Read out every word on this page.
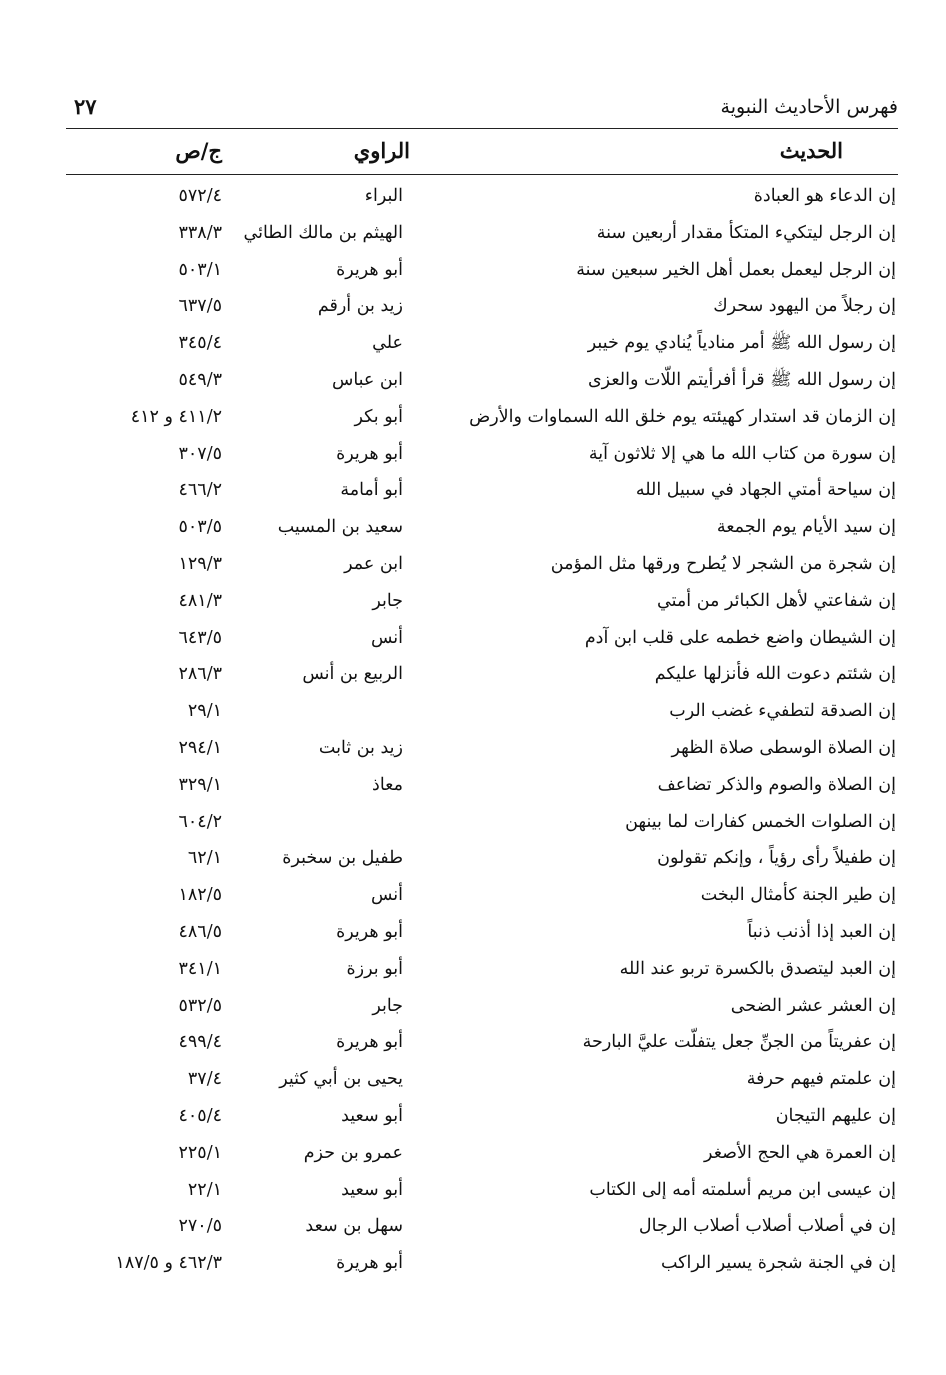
فهرس الأحاديث النبوية
٢٧
الحديث
الراوي
ج/ص
إن الدعاء هو العبادة
البراء
٥٧٢/٤
إن الرجل ليتكيء المتكأ مقدار أربعين سنة
الهيثم بن مالك الطائي
٣٣٨/٣
إن الرجل ليعمل بعمل أهل الخير سبعين سنة
أبو هريرة
٥٠٣/١
إن رجلاً من اليهود سحرك
زيد بن أرقم
٦٣٧/٥
إن رسول الله ﷺ أمر منادياً يُنادي يوم خيبر
علي
٣٤٥/٤
إن رسول الله ﷺ قرأ أفرأيتم اللّات والعزى
ابن عباس
٥٤٩/٣
إن الزمان قد استدار كهيئته يوم خلق الله السماوات والأرض
أبو بكر
٤١١/٢ و ٤١٢
إن سورة من كتاب الله ما هي إلا ثلاثون آية
أبو هريرة
٣٠٧/٥
إن سياحة أمتي الجهاد في سبيل الله
أبو أمامة
٤٦٦/٢
إن سيد الأيام يوم الجمعة
سعيد بن المسيب
٥٠٣/٥
إن شجرة من الشجر لا يُطرح ورقها مثل المؤمن
ابن عمر
١٢٩/٣
إن شفاعتي لأهل الكبائر من أمتي
جابر
٤٨١/٣
إن الشيطان واضع خطمه على قلب ابن آدم
أنس
٦٤٣/٥
إن شئتم دعوت الله فأنزلها عليكم
الربيع بن أنس
٢٨٦/٣
إن الصدقة لتطفيء غضب الرب
٢٩/١
إن الصلاة الوسطى صلاة الظهر
زيد بن ثابت
٢٩٤/١
إن الصلاة والصوم والذكر تضاعف
معاذ
٣٢٩/١
إن الصلوات الخمس كفارات لما بينهن
٦٠٤/٢
إن طفيلاً رأى رؤياً ، وإنكم تقولون
طفيل بن سخبرة
٦٢/١
إن طير الجنة كأمثال البخت
أنس
١٨٢/٥
إن العبد إذا أذنب ذنباً
أبو هريرة
٤٨٦/٥
إن العبد ليتصدق بالكسرة تربو عند الله
أبو برزة
٣٤١/١
إن العشر عشر الضحى
جابر
٥٣٢/٥
إن عفريتاً من الجنِّ جعل يتفلّت عليَّ البارحة
أبو هريرة
٤٩٩/٤
إن علمتم فيهم حرفة
يحيى بن أبي كثير
٣٧/٤
إن عليهم التيجان
أبو سعيد
٤٠٥/٤
إن العمرة هي الحج الأصغر
عمرو بن حزم
٢٢٥/١
إن عيسى ابن مريم أسلمته أمه إلى الكتاب
أبو سعيد
٢٢/١
إن في أصلاب أصلاب أصلاب الرجال
سهل بن سعد
٢٧٠/٥
إن في الجنة شجرة يسير الراكب
أبو هريرة
٤٦٢/٣ و ١٨٧/٥
